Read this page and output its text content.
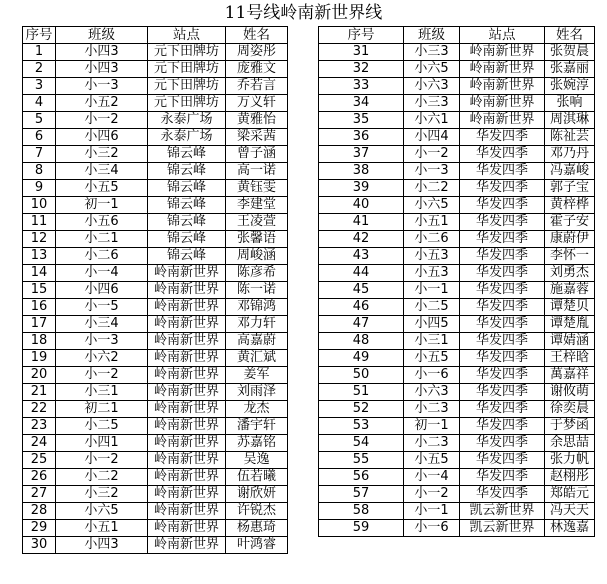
11号线岭南新世界线
序号	班级	站点	姓名
1	小四3	元下田牌坊	周姿彤
2	小四3	元下田牌坊	庞雅文
3	小一3	元下田牌坊	乔若言
4	小五2	元下田牌坊	万义轩
5	小一2	永泰广场	黄雅怡
6	小四6	永泰广场	梁采茜
7	小三2	锦云峰	曾子涵
8	小三4	锦云峰	高一诺
9	小五5	锦云峰	黄钰雯
10	初一1	锦云峰	李建堂
11	小五6	锦云峰	王凌萱
12	小二1	锦云峰	张馨语
13	小二6	锦云峰	周峻涵
14	小一4	岭南新世界	陈彦希
15	小四6	岭南新世界	陈一诺
16	小一5	岭南新世界	邓锦鸿
17	小三4	岭南新世界	邓力轩
18	小一3	岭南新世界	高嘉蔚
19	小六2	岭南新世界	黄汇斌
20	小一2	岭南新世界	姜军
21	小三1	岭南新世界	刘雨泽
22	初二1	岭南新世界	龙杰
23	小二5	岭南新世界	潘宇轩
24	小四1	岭南新世界	苏嘉铭
25	小一2	岭南新世界	吴逸
26	小二2	岭南新世界	伍若曦
27	小三2	岭南新世界	谢欣妍
28	小六5	岭南新世界	许锐杰
29	小五1	岭南新世界	杨惠琦
30	小四3	岭南新世界	叶鸿睿
序号	班级	站点	姓名
31	小三3	岭南新世界	张贺晨
32	小六5	岭南新世界	张嘉丽
33	小六3	岭南新世界	张婉淳
34	小三3	岭南新世界	张响
35	小六1	岭南新世界	周淇琳
36	小四4	华发四季	陈祉芸
37	小一2	华发四季	邓乃丹
38	小一3	华发四季	冯嘉峻
39	小二2	华发四季	郭子宝
40	小六5	华发四季	黄梓桦
41	小五1	华发四季	霍子安
42	小二6	华发四季	康蔚伊
43	小五3	华发四季	李怀一
44	小五3	华发四季	刘勇杰
45	小一1	华发四季	施嘉蓉
46	小二5	华发四季	谭楚贝
47	小四5	华发四季	谭楚胤
48	小三1	华发四季	谭婧涵
49	小五5	华发四季	王梓晗
50	小一6	华发四季	萬嘉祥
51	小六3	华发四季	谢攸萌
52	小二3	华发四季	徐奕晨
53	初一1	华发四季	于梦函
54	小二3	华发四季	余思喆
55	小五5	华发四季	张力帆
56	小一4	华发四季	赵栩彤
57	小一2	华发四季	郑皓元
58	小一1	凯云新世界	冯天天
59	小一6	凯云新世界	林逸嘉
